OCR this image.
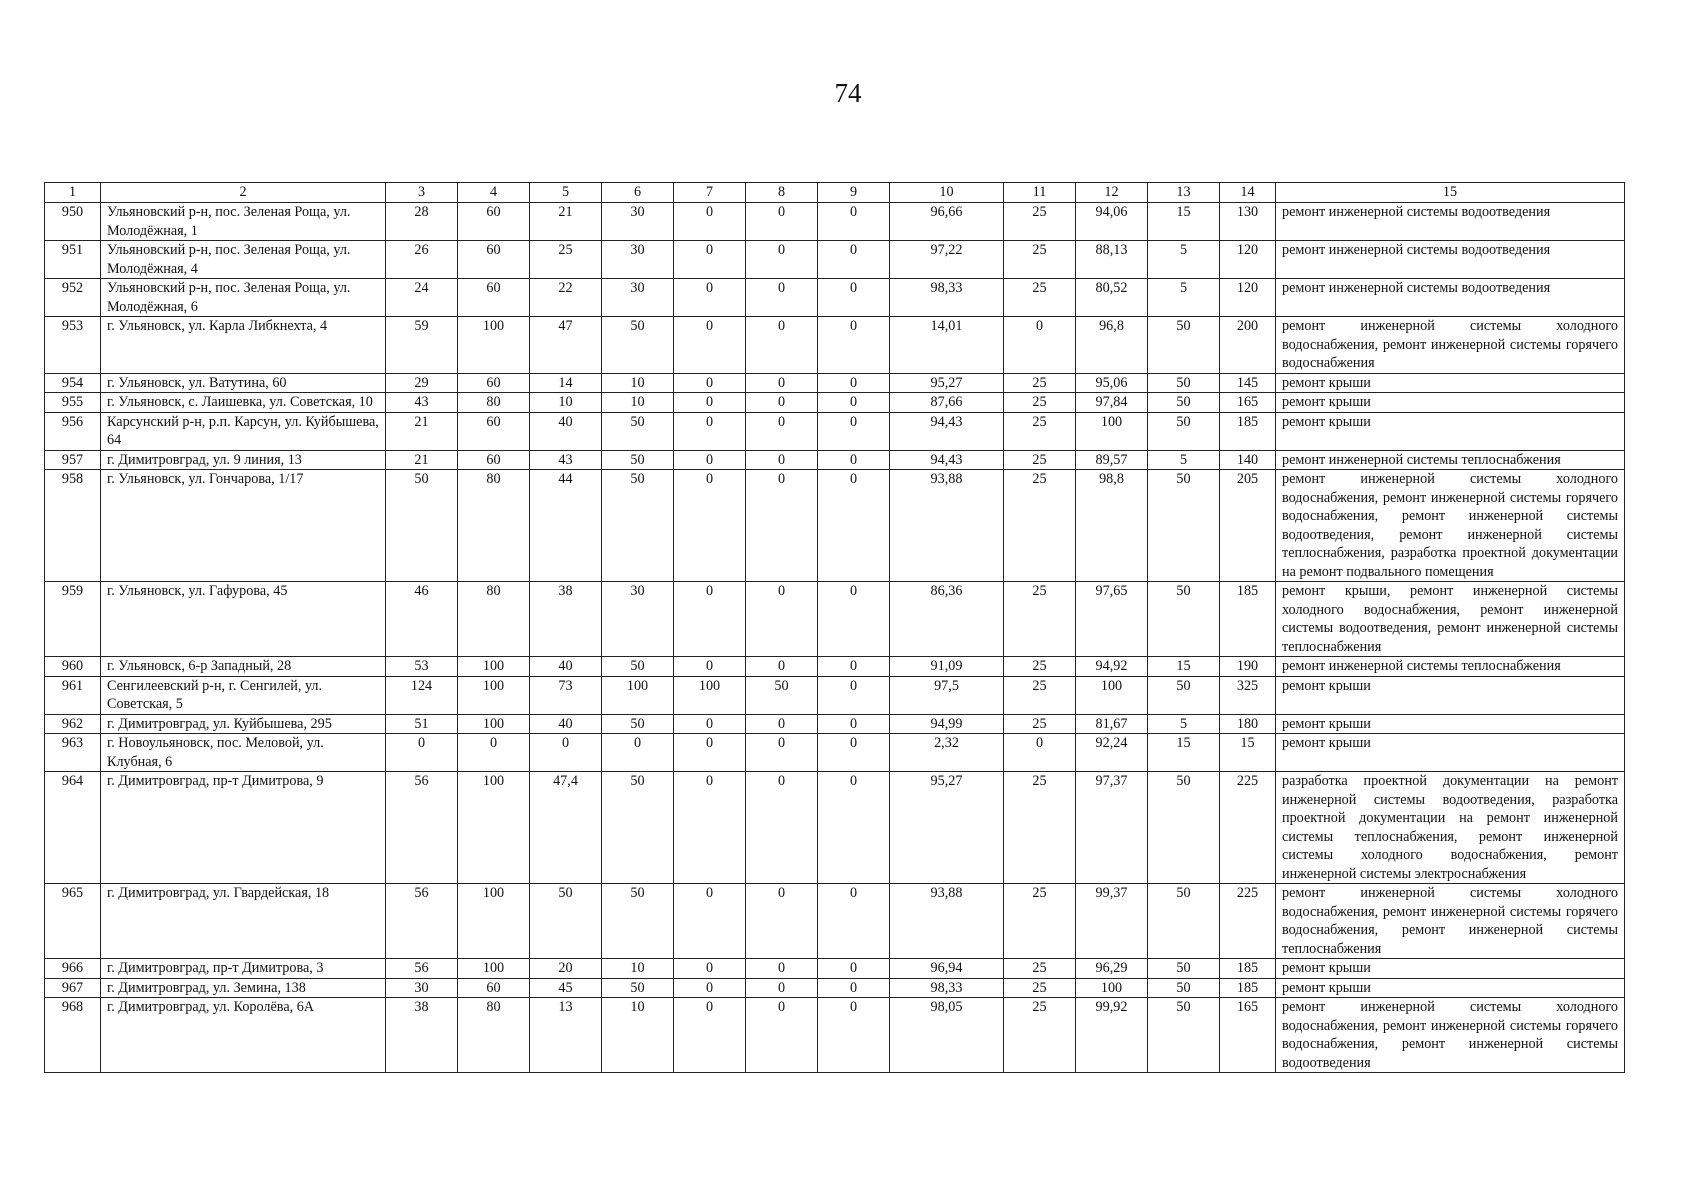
74
1	2	3	4	5	6	7	8	9	10	11	12	13	14	15
950	Ульяновский р-н, пос. Зеленая Роща, ул. Молодёжная, 1	28	60	21	30	0	0	0	96,66	25	94,06	15	130	ремонт инженерной системы водоотведения
951	Ульяновский р-н, пос. Зеленая Роща, ул. Молодёжная, 4	26	60	25	30	0	0	0	97,22	25	88,13	5	120	ремонт инженерной системы водоотведения
952	Ульяновский р-н, пос. Зеленая Роща, ул. Молодёжная, 6	24	60	22	30	0	0	0	98,33	25	80,52	5	120	ремонт инженерной системы водоотведения
953	г. Ульяновск, ул. Карла Либкнехта, 4	59	100	47	50	0	0	0	14,01	0	96,8	50	200	ремонт инженерной системы холодного водоснабжения, ремонт инженерной системы горячего водоснабжения
954	г. Ульяновск, ул. Ватутина, 60	29	60	14	10	0	0	0	95,27	25	95,06	50	145	ремонт крыши
955	г. Ульяновск, с. Лаишевка, ул. Советская, 10	43	80	10	10	0	0	0	87,66	25	97,84	50	165	ремонт крыши
956	Карсунский р-н, р.п. Карсун, ул. Куйбышева, 64	21	60	40	50	0	0	0	94,43	25	100	50	185	ремонт крыши
957	г. Димитровград, ул. 9 линия, 13	21	60	43	50	0	0	0	94,43	25	89,57	5	140	ремонт инженерной системы теплоснабжения
958	г. Ульяновск, ул. Гончарова, 1/17	50	80	44	50	0	0	0	93,88	25	98,8	50	205	ремонт инженерной системы холодного водоснабжения, ремонт инженерной системы горячего водоснабжения, ремонт инженерной системы водоотведения, ремонт инженерной системы теплоснабжения, разработка проектной документации на ремонт подвального помещения
959	г. Ульяновск, ул. Гафурова, 45	46	80	38	30	0	0	0	86,36	25	97,65	50	185	ремонт крыши, ремонт инженерной системы холодного водоснабжения, ремонт инженерной системы водоотведения, ремонт инженерной системы теплоснабжения
960	г. Ульяновск, 6-р Западный, 28	53	100	40	50	0	0	0	91,09	25	94,92	15	190	ремонт инженерной системы теплоснабжения
961	Сенгилеевский р-н, г. Сенгилей, ул. Советская, 5	124	100	73	100	100	50	0	97,5	25	100	50	325	ремонт крыши
962	г. Димитровград, ул. Куйбышева, 295	51	100	40	50	0	0	0	94,99	25	81,67	5	180	ремонт крыши
963	г. Новоульяновск, пос. Меловой, ул. Клубная, 6	0	0	0	0	0	0	0	2,32	0	92,24	15	15	ремонт крыши
964	г. Димитровград, пр-т Димитрова, 9	56	100	47,4	50	0	0	0	95,27	25	97,37	50	225	разработка проектной документации на ремонт инженерной системы водоотведения, разработка проектной документации на ремонт инженерной системы теплоснабжения, ремонт инженерной системы холодного водоснабжения, ремонт инженерной системы электроснабжения
965	г. Димитровград, ул. Гвардейская, 18	56	100	50	50	0	0	0	93,88	25	99,37	50	225	ремонт инженерной системы холодного водоснабжения, ремонт инженерной системы горячего водоснабжения, ремонт инженерной системы теплоснабжения
966	г. Димитровград, пр-т Димитрова, 3	56	100	20	10	0	0	0	96,94	25	96,29	50	185	ремонт крыши
967	г. Димитровград, ул. Земина, 138	30	60	45	50	0	0	0	98,33	25	100	50	185	ремонт крыши
968	г. Димитровград, ул. Королёва, 6А	38	80	13	10	0	0	0	98,05	25	99,92	50	165	ремонт инженерной системы холодного водоснабжения, ремонт инженерной системы горячего водоснабжения, ремонт инженерной системы водоотведения
